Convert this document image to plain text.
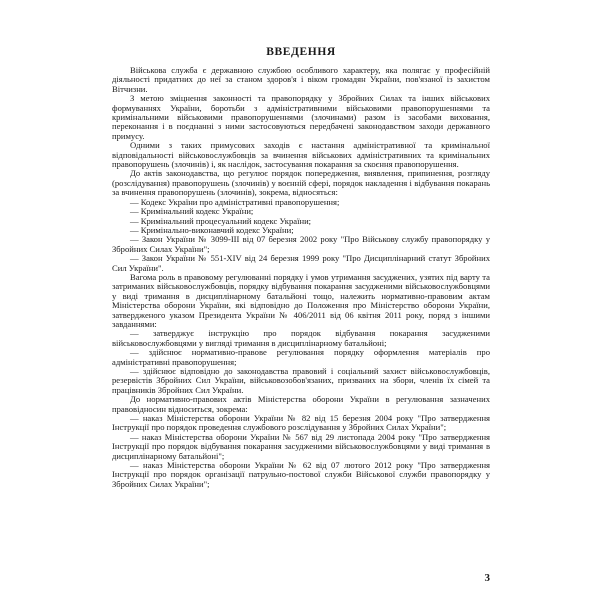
ВВЕДЕННЯ

Військова служба є державною службою особливого характеру, яка полягає у професійній діяльності придатних до неї за станом здоров'я і віком громадян України, пов'язаної із захистом Вітчизни.

З метою зміцнення законності та правопорядку у Збройних Силах та інших військових формуваннях України, боротьби з адміністративними військовими правопорушеннями та кримінальними військовими правопорушеннями (злочинами) разом із засобами виховання, переконання і в поєднанні з ними застосовуються передбачені законодавством заходи державного примусу.

Одними з таких примусових заходів є настання адміністративної та кримінальної відповідальності військовослужбовців за вчинення військових адміністративних та кримінальних правопорушень (злочинів) і, як наслідок, застосування покарання за скоєння правопорушення.

До актів законодавства, що регулює порядок попередження, виявлення, припинення, розгляду (розслідування) правопорушень (злочинів) у воєнній сфері, порядок накладення і відбування покарань за вчинення правопорушень (злочинів), зокрема, відносяться:

— Кодекс України про адміністративні правопорушення;

— Кримінальний кодекс України;

— Кримінальний процесуальний кодекс України;

— Кримінально-виконавчий кодекс України;

— Закон України № 3099-III від 07 березня 2002 року "Про Військову службу правопорядку у Збройних Силах України";

— Закон України № 551-XIV від 24 березня 1999 року "Про Дисциплінарний статут Збройних Сил України".

Вагома роль в правовому регулюванні порядку і умов утримання засуджених, узятих під варту та затриманих військовослужбовців, порядку відбування покарання засудженими військовослужбовцями у виді тримання в дисциплінарному батальйоні тощо, належить нормативно-правовим актам Міністерства оборони України, які відповідно до Положення про Міністерство оборони України, затвердженого указом Президента України № 406/2011 від 06 квітня 2011 року, поряд з іншими завданнями:

— затверджує інструкцію про порядок відбування покарання засудженими військовослужбовцями у вигляді тримання в дисциплінарному батальйоні;

— здійснює нормативно-правове регулювання порядку оформлення матеріалів про адміністративні правопорушення;

— здійснює відповідно до законодавства правовий і соціальний захист військовослужбовців, резервістів Збройних Сил України, військовозобов'язаних, призваних на збори, членів їх сімей та працівників Збройних Сил України.

До нормативно-правових актів Міністерства оборони України в регулювання зазначених правовідносин відноситься, зокрема:

— наказ Міністерства оборони України № 82 від 15 березня 2004 року "Про затвердження Інструкції про порядок проведення службового розслідування у Збройних Силах України";

— наказ Міністерства оборони України № 567 від 29 листопада 2004 року "Про затвердження Інструкції про порядок відбування покарання засудженими військовослужбовцями у виді тримання в дисциплінарному батальйоні";

— наказ Міністерства оборони України № 62 від 07 лютого 2012 року "Про затвердження Інструкції про порядок організації патрульно-постової служби Військової служби правопорядку у Збройних Силах України";

3
